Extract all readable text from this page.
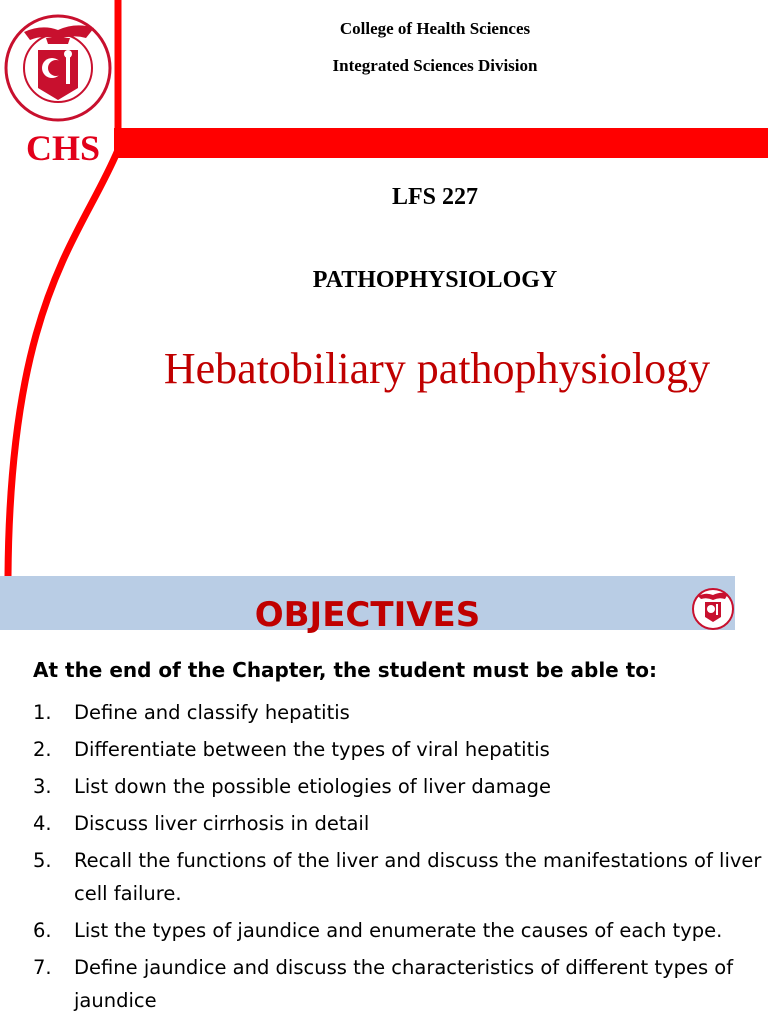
CHS
College of Health Sciences
Integrated Sciences Division
LFS 227
PATHOPHYSIOLOGY
Hebatobiliary pathophysiology
OBJECTIVES
At the end of the Chapter, the student must be able to:
1.	Define and classify hepatitis
2.	Differentiate between the types of viral hepatitis
3.	List down the possible etiologies of liver damage
4.	Discuss liver cirrhosis in detail
5.	Recall the functions of the liver and discuss the manifestations of liver cell failure.
6.	List the types of jaundice and enumerate the causes of each type.
7.	Define jaundice and discuss the characteristics of different types of jaundice
